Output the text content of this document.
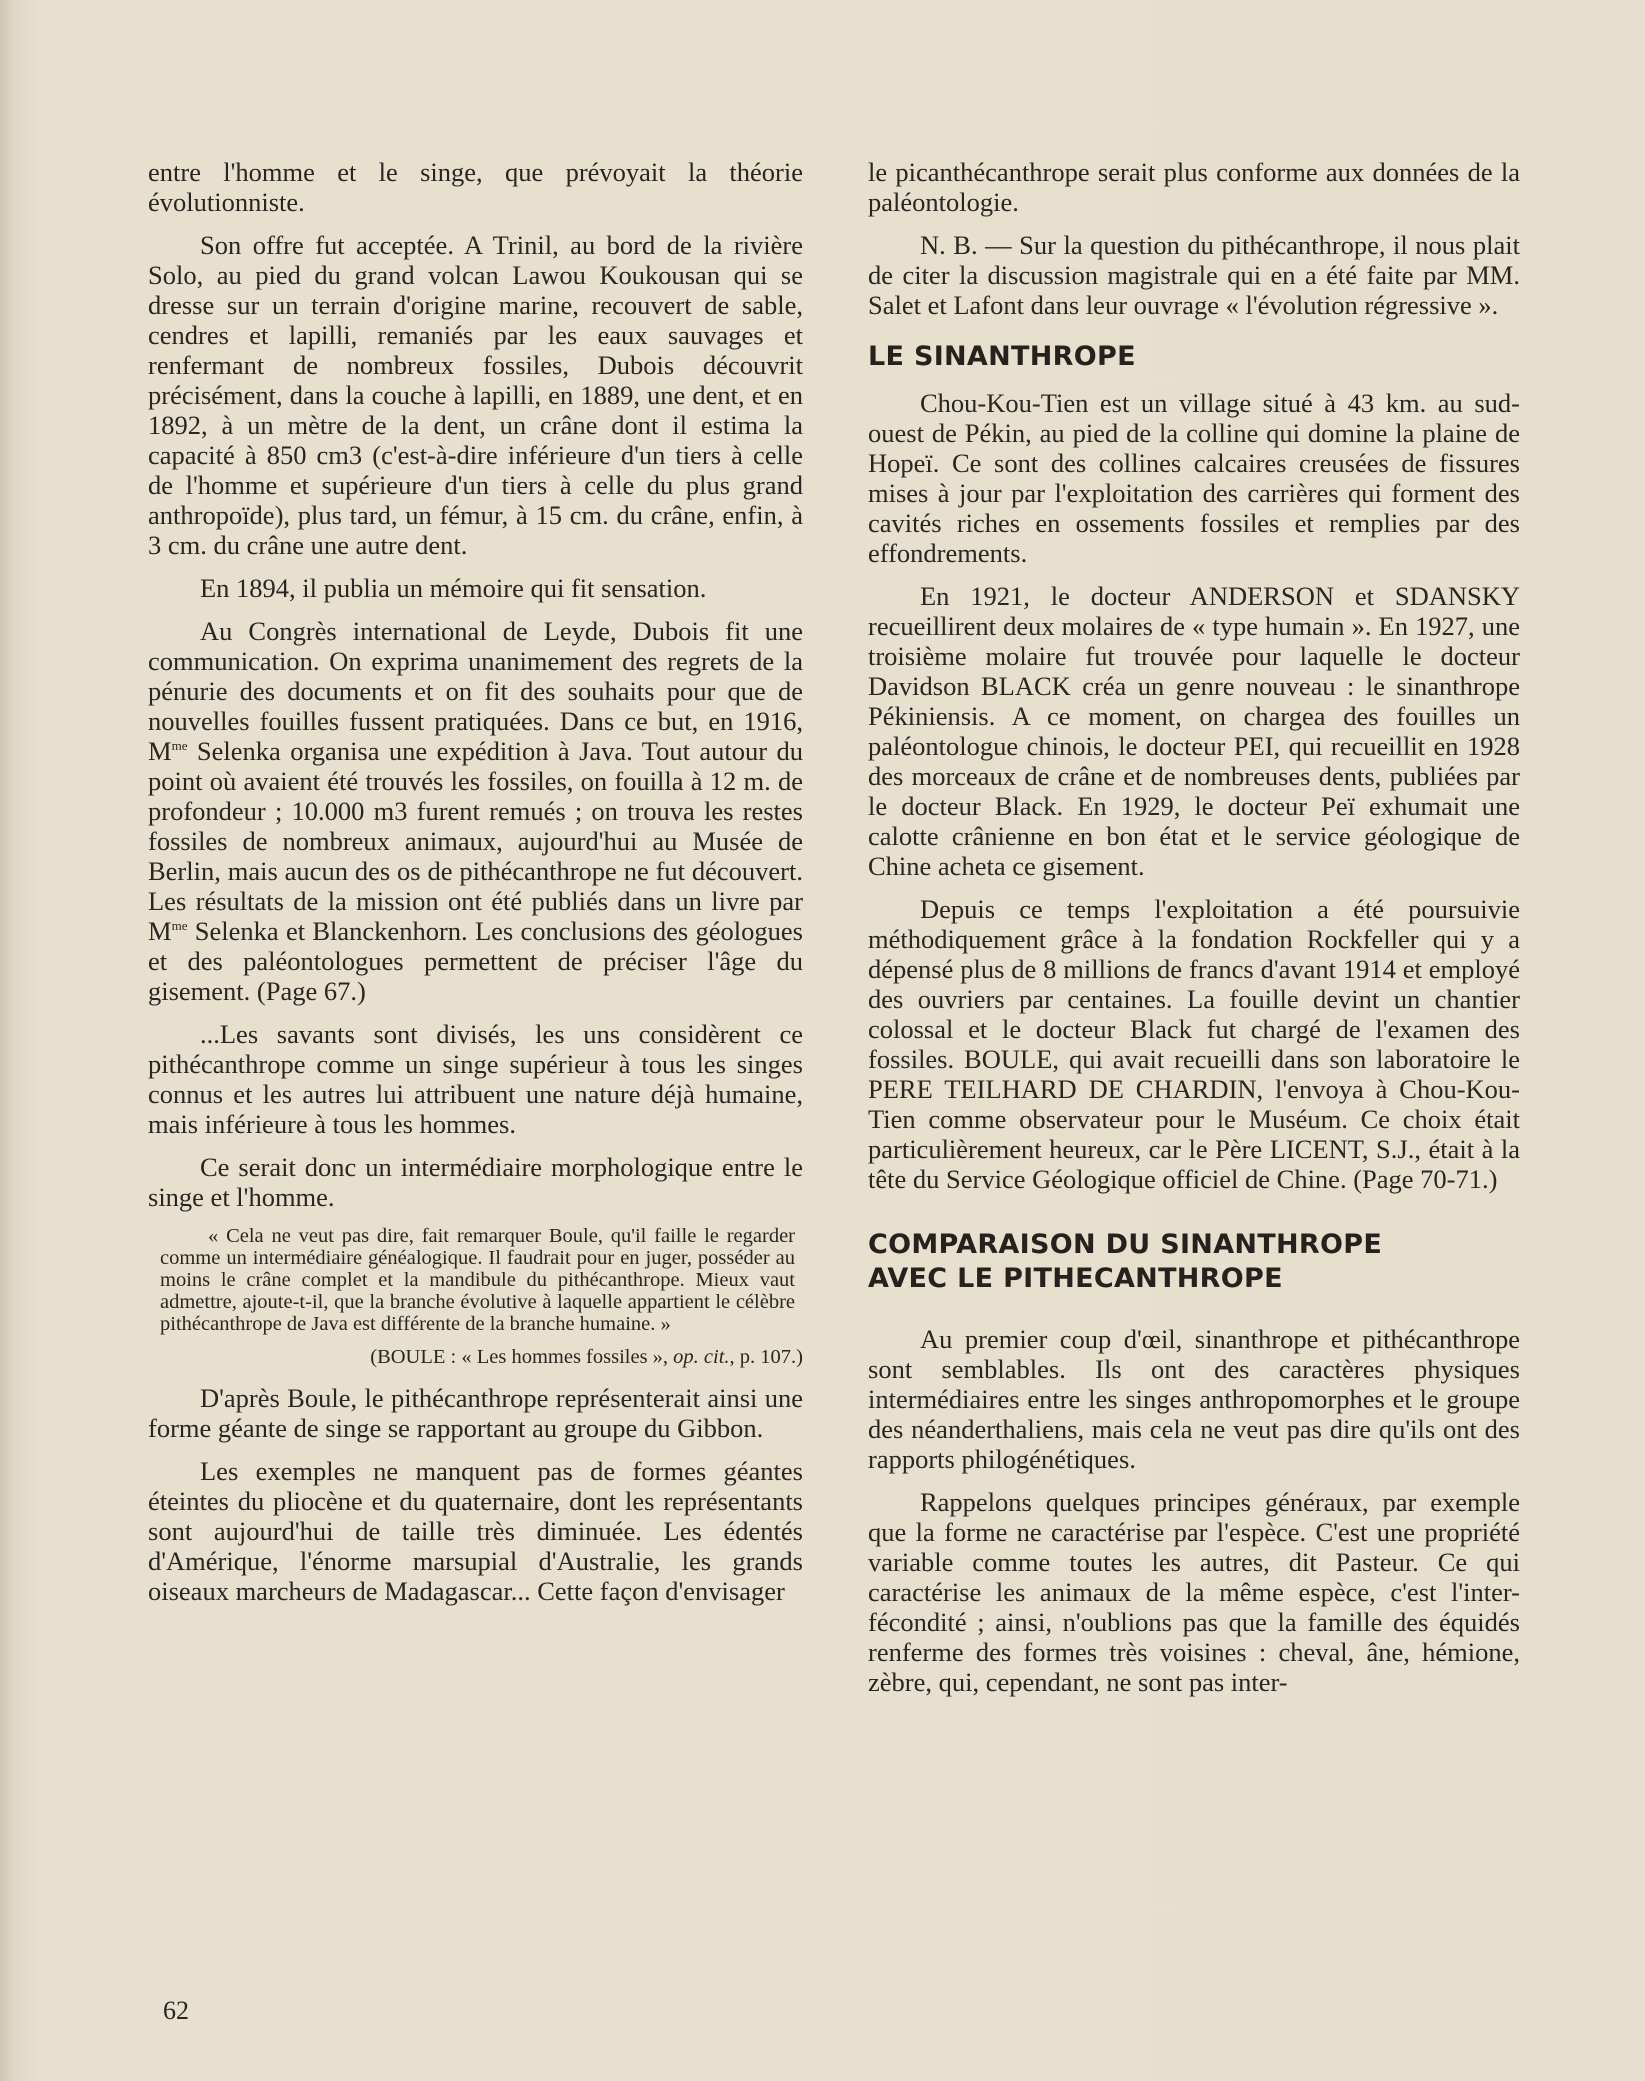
entre l'homme et le singe, que prévoyait la théorie évolutionniste.

Son offre fut acceptée. A Trinil, au bord de la rivière Solo, au pied du grand volcan Lawou Koukousan qui se dresse sur un terrain d'origine marine, recouvert de sable, cendres et lapilli, remaniés par les eaux sauvages et renfermant de nombreux fossiles, Dubois découvrit précisément, dans la couche à lapilli, en 1889, une dent, et en 1892, à un mètre de la dent, un crâne dont il estima la capacité à 850 cm3 (c'est-à-dire inférieure d'un tiers à celle de l'homme et supérieure d'un tiers à celle du plus grand anthropoïde), plus tard, un fémur, à 15 cm. du crâne, enfin, à 3 cm. du crâne une autre dent.

En 1894, il publia un mémoire qui fit sensation.

Au Congrès international de Leyde, Dubois fit une communication. On exprima unanimement des regrets de la pénurie des documents et on fit des souhaits pour que de nouvelles fouilles fussent pratiquées. Dans ce but, en 1916, $M^{me}$ Selenka organisa une expédition à Java. Tout autour du point où avaient été trouvés les fossiles, on fouilla à 12 m. de profondeur ; 10.000 m3 furent remués ; on trouva les restes fossiles de nombreux animaux, aujourd'hui au Musée de Berlin, mais aucun des os de pithécanthrope ne fut découvert. Les résultats de la mission ont été publiés dans un livre par $M^{me}$ Selenka et Blanckenhorn. Les conclusions des géologues et des paléontologues permettent de préciser l'âge du gisement. (Page 67.)

...Les savants sont divisés, les uns considèrent ce pithécanthrope comme un singe supérieur à tous les singes connus et les autres lui attribuent une nature déjà humaine, mais inférieure à tous les hommes.

Ce serait donc un intermédiaire morphologique entre le singe et l'homme.

« Cela ne veut pas dire, fait remarquer Boule, qu'il faille le regarder comme un intermédiaire généalogique. Il faudrait pour en juger, posséder au moins le crâne complet et la mandibule du pithécanthrope. Mieux vaut admettre, ajoute-t-il, que la branche évolutive à laquelle appartient le célèbre pithécanthrope de Java est différente de la branche humaine. »

(BOULE : « Les hommes fossiles », op. cit., p. 107.)

D'après Boule, le pithécanthrope représenterait ainsi une forme géante de singe se rapportant au groupe du Gibbon.

Les exemples ne manquent pas de formes géantes éteintes du pliocène et du quaternaire, dont les représentants sont aujourd'hui de taille très diminuée. Les édentés d'Amérique, l'énorme marsupial d'Australie, les grands oiseaux marcheurs de Madagascar... Cette façon d'envisager

le picanthécanthrope serait plus conforme aux données de la paléontologie.

N. B. — Sur la question du pithécanthrope, il nous plait de citer la discussion magistrale qui en a été faite par MM. Salet et Lafont dans leur ouvrage « l'évolution régressive ».

LE SINANTHROPE

Chou-Kou-Tien est un village situé à 43 km. au sud-ouest de Pékin, au pied de la colline qui domine la plaine de Hopeï. Ce sont des collines calcaires creusées de fissures mises à jour par l'exploitation des carrières qui forment des cavités riches en ossements fossiles et remplies par des effondrements.

En 1921, le docteur ANDERSON et SDANSKY recueillirent deux molaires de « type humain ». En 1927, une troisième molaire fut trouvée pour laquelle le docteur Davidson BLACK créa un genre nouveau : le sinanthrope Pékiniensis. A ce moment, on chargea des fouilles un paléontologue chinois, le docteur PEI, qui recueillit en 1928 des morceaux de crâne et de nombreuses dents, publiées par le docteur Black. En 1929, le docteur Peï exhumait une calotte crânienne en bon état et le service géologique de Chine acheta ce gisement.

Depuis ce temps l'exploitation a été poursuivie méthodiquement grâce à la fondation Rockfeller qui y a dépensé plus de 8 millions de francs d'avant 1914 et employé des ouvriers par centaines. La fouille devint un chantier colossal et le docteur Black fut chargé de l'examen des fossiles. BOULE, qui avait recueilli dans son laboratoire le PERE TEILHARD DE CHARDIN, l'envoya à Chou-Kou-Tien comme observateur pour le Muséum. Ce choix était particulièrement heureux, car le Père LICENT, S.J., était à la tête du Service Géologique officiel de Chine. (Page 70-71.)

COMPARAISON DU SINANTHROPE
AVEC LE PITHECANTHROPE

Au premier coup d'œil, sinanthrope et pithécanthrope sont semblables. Ils ont des caractères physiques intermédiaires entre les singes anthropomorphes et le groupe des néanderthaliens, mais cela ne veut pas dire qu'ils ont des rapports philogénétiques.

Rappelons quelques principes généraux, par exemple que la forme ne caractérise par l'espèce. C'est une propriété variable comme toutes les autres, dit Pasteur. Ce qui caractérise les animaux de la même espèce, c'est l'inter-fécondité ; ainsi, n'oublions pas que la famille des équidés renferme des formes très voisines : cheval, âne, hémione, zèbre, qui, cependant, ne sont pas inter-

62
